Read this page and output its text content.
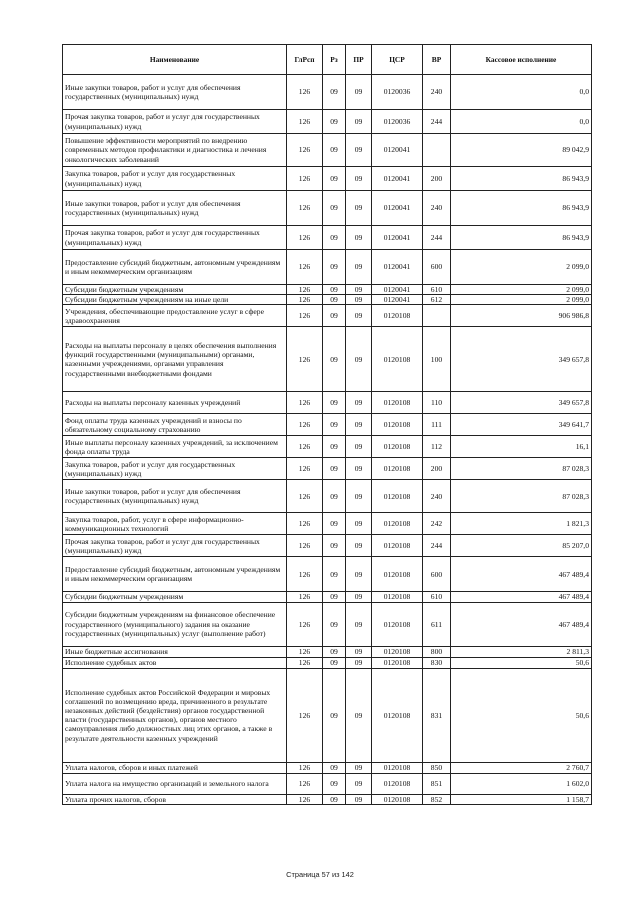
Наименование	ГлРсп	Рз	ПР	ЦСР	ВР	Кассовое исполнение
Иные закупки товаров, работ и услуг для обеспечения государственных (муниципальных) нужд	126	09	09	0120036	240	0,0
Прочая закупка товаров, работ и услуг для государственных (муниципальных) нужд	126	09	09	0120036	244	0,0
Повышение эффективности мероприятий по внедрению современных методов профилактики и диагностика и лечения онкологических заболеваний	126	09	09	0120041		89 042,9
Закупка товаров, работ и услуг для государственных (муниципальных) нужд	126	09	09	0120041	200	86 943,9
Иные закупки товаров, работ и услуг для обеспечения государственных (муниципальных) нужд	126	09	09	0120041	240	86 943,9
Прочая закупка товаров, работ и услуг для государственных (муниципальных) нужд	126	09	09	0120041	244	86 943,9
Предоставление субсидий бюджетным, автономным учреждениям и иным некоммерческим организациям	126	09	09	0120041	600	2 099,0
Субсидии бюджетным учреждениям	126	09	09	0120041	610	2 099,0
Субсидии бюджетным учреждениям на иные цели	126	09	09	0120041	612	2 099,0
Учреждения, обеспечивающие предоставление услуг в сфере здравоохранения	126	09	09	0120108		906 986,8
Расходы на выплаты персоналу в целях обеспечения выполнения функций государственными (муниципальными) органами, казенными учреждениями, органами управления государственными внебюджетными фондами	126	09	09	0120108	100	349 657,8
Расходы на выплаты персоналу казенных учреждений	126	09	09	0120108	110	349 657,8
Фонд оплаты труда казенных учреждений и взносы по обязательному социальному страхованию	126	09	09	0120108	111	349 641,7
Иные выплаты персоналу казенных учреждений, за исключением фонда оплаты труда	126	09	09	0120108	112	16,1
Закупка товаров, работ и услуг для государственных (муниципальных) нужд	126	09	09	0120108	200	87 028,3
Иные закупки товаров, работ и услуг для обеспечения государственных (муниципальных) нужд	126	09	09	0120108	240	87 028,3
Закупка товаров, работ, услуг в сфере информационно-коммуникационных технологий	126	09	09	0120108	242	1 821,3
Прочая закупка товаров, работ и услуг для государственных (муниципальных) нужд	126	09	09	0120108	244	85 207,0
Предоставление субсидий бюджетным, автономным учреждениям и иным некоммерческим организациям	126	09	09	0120108	600	467 489,4
Субсидии бюджетным учреждениям	126	09	09	0120108	610	467 489,4
Субсидии бюджетным учреждениям на финансовое обеспечение государственного (муниципального) задания на оказание государственных (муниципальных) услуг (выполнение работ)	126	09	09	0120108	611	467 489,4
Иные бюджетные ассигнования	126	09	09	0120108	800	2 811,3
Исполнение судебных актов	126	09	09	0120108	830	50,6
Исполнение судебных актов Российской Федерации и мировых соглашений по возмещению вреда, причиненного в результате незаконных действий (бездействия) органов государственной власти (государственных органов), органов местного самоуправления либо должностных лиц этих органов, а также в результате деятельности казенных учреждений	126	09	09	0120108	831	50,6
Уплата налогов, сборов и иных платежей	126	09	09	0120108	850	2 760,7
Уплата налога на имущество организаций и земельного налога	126	09	09	0120108	851	1 602,0
Уплата прочих налогов, сборов	126	09	09	0120108	852	1 158,7
Страница 57 из 142
